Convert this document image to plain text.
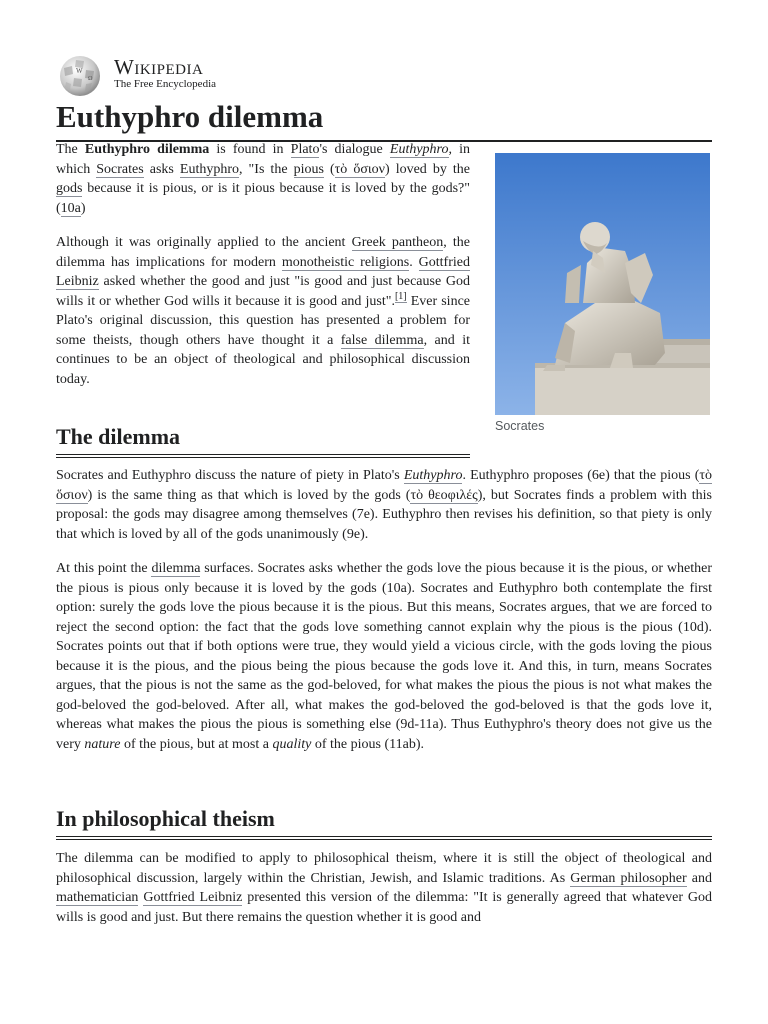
W
Ω Wikipedia
The Free Encyclopedia
Euthyphro dilemma

The Euthyphro dilemma is found in Plato's dialogue Euthyphro, in which Socrates asks Euthyphro, "Is the pious (τὸ ὅσιον) loved by the gods because it is pious, or is it pious because it is loved by the gods?" (10a)

Although it was originally applied to the ancient Greek pantheon, the dilemma has implications for modern monotheistic religions. Gottfried Leibniz asked whether the good and just "is good and just because God wills it or whether God wills it because it is good and just".[1] Ever since Plato's original discussion, this question has presented a problem for some theists, though others have thought it a false dilemma, and it continues to be an object of theological and philosophical discussion today.

Socrates
The dilemma

Socrates and Euthyphro discuss the nature of piety in Plato's Euthyphro. Euthyphro proposes (6e) that the pious (τὸ ὅσιον) is the same thing as that which is loved by the gods (τὸ θεοφιλές), but Socrates finds a problem with this proposal: the gods may disagree among themselves (7e). Euthyphro then revises his definition, so that piety is only that which is loved by all of the gods unanimously (9e).

At this point the dilemma surfaces. Socrates asks whether the gods love the pious because it is the pious, or whether the pious is pious only because it is loved by the gods (10a). Socrates and Euthyphro both contemplate the first option: surely the gods love the pious because it is the pious. But this means, Socrates argues, that we are forced to reject the second option: the fact that the gods love something cannot explain why the pious is the pious (10d). Socrates points out that if both options were true, they would yield a vicious circle, with the gods loving the pious because it is the pious, and the pious being the pious because the gods love it. And this, in turn, means Socrates argues, that the pious is not the same as the god-beloved, for what makes the pious the pious is not what makes the god-beloved the god-beloved. After all, what makes the god-beloved the god-beloved is that the gods love it, whereas what makes the pious the pious is something else (9d-11a). Thus Euthyphro's theory does not give us the very nature of the pious, but at most a quality of the pious (11ab).

In philosophical theism

The dilemma can be modified to apply to philosophical theism, where it is still the object of theological and philosophical discussion, largely within the Christian, Jewish, and Islamic traditions. As German philosopher and mathematician Gottfried Leibniz presented this version of the dilemma: "It is generally agreed that whatever God wills is good and just. But there remains the question whether it is good and
